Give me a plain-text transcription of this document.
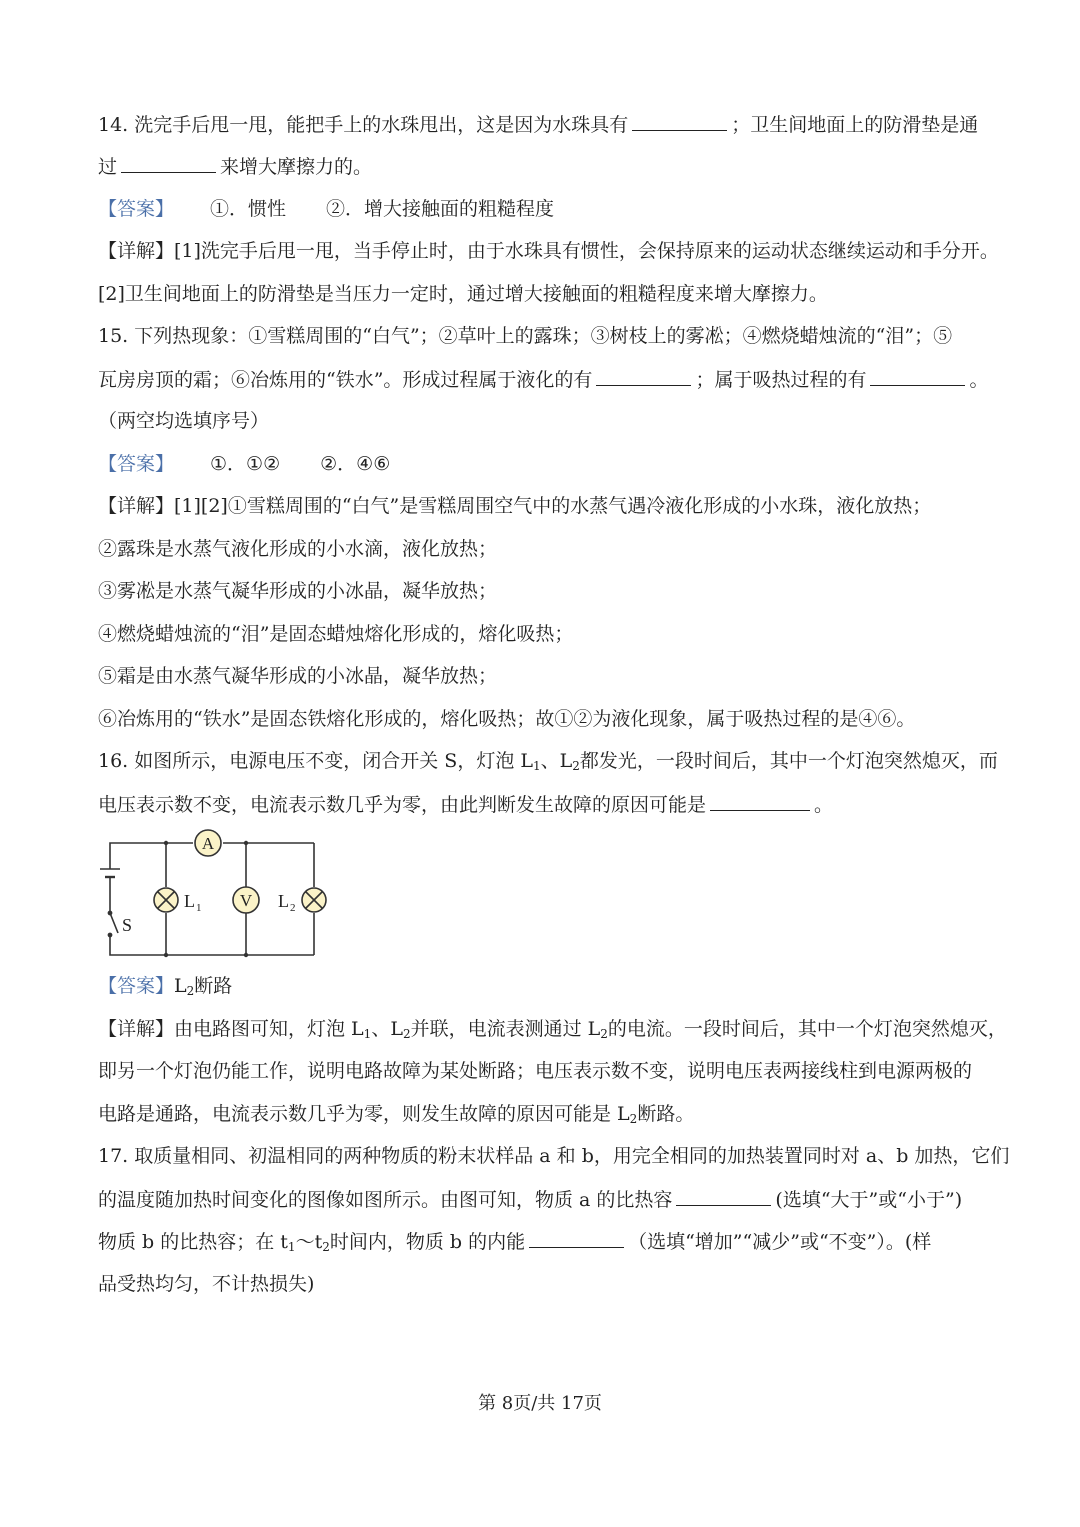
14. 洗完手后甩一甩，能把手上的水珠甩出，这是因为水珠具有	；卫生间地面上的防滑垫是通
过	来增大摩擦力的。
【答案】 ①．惯性 ②．增大接触面的粗糙程度
【详解】[1]洗完手后甩一甩，当手停止时，由于水珠具有惯性，会保持原来的运动状态继续运动和手分开。
[2]卫生间地面上的防滑垫是当压力一定时，通过增大接触面的粗糙程度来增大摩擦力。
15. 下列热现象：①雪糕周围的“白气”；②草叶上的露珠；③树枝上的雾凇；④燃烧蜡烛流的“泪”；⑤
瓦房房顶的霜；⑥冶炼用的“铁水”。形成过程属于液化的有	；属于吸热过程的有	。
（两空均选填序号）
【答案】 ①．①② ②．④⑥
【详解】[1][2]①雪糕周围的“白气”是雪糕周围空气中的水蒸气遇冷液化形成的小水珠，液化放热；
②露珠是水蒸气液化形成的小水滴，液化放热；
③雾凇是水蒸气凝华形成的小冰晶，凝华放热；
④燃烧蜡烛流的“泪”是固态蜡烛熔化形成的，熔化吸热；
⑤霜是由水蒸气凝华形成的小冰晶，凝华放热；
⑥冶炼用的“铁水”是固态铁熔化形成的，熔化吸热；故①②为液化现象，属于吸热过程的是④⑥。
16. 如图所示，电源电压不变，闭合开关 S，灯泡 $L_1$、$L_2$都发光，一段时间后，其中一个灯泡突然熄灭，而
电压表示数不变，电流表示数几乎为零，由此判断发生故障的原因可能是	。
A
L 1 V L 2
S
【答案】$L_2$断路
【详解】由电路图可知，灯泡 $L_1$、$L_2$并联，电流表测通过 $L_2$的电流。一段时间后，其中一个灯泡突然熄灭，
即另一个灯泡仍能工作，说明电路故障为某处断路；电压表示数不变，说明电压表两接线柱到电源两极的
电路是通路，电流表示数几乎为零，则发生故障的原因可能是 $L_2$断路。
17. 取质量相同、初温相同的两种物质的粉末状样品 a 和 b，用完全相同的加热装置同时对 a、b 加热，它们
的温度随加热时间变化的图像如图所示。由图可知，物质 a 的比热容	(选填“大于”或“小于”)
物质 b 的比热容；在 $t_1\sim t_2$时间内，物质 b 的内能	（选填“增加”“减少”或“不变”）。(样
品受热均匀，不计热损失)
第 8页/共 17页
